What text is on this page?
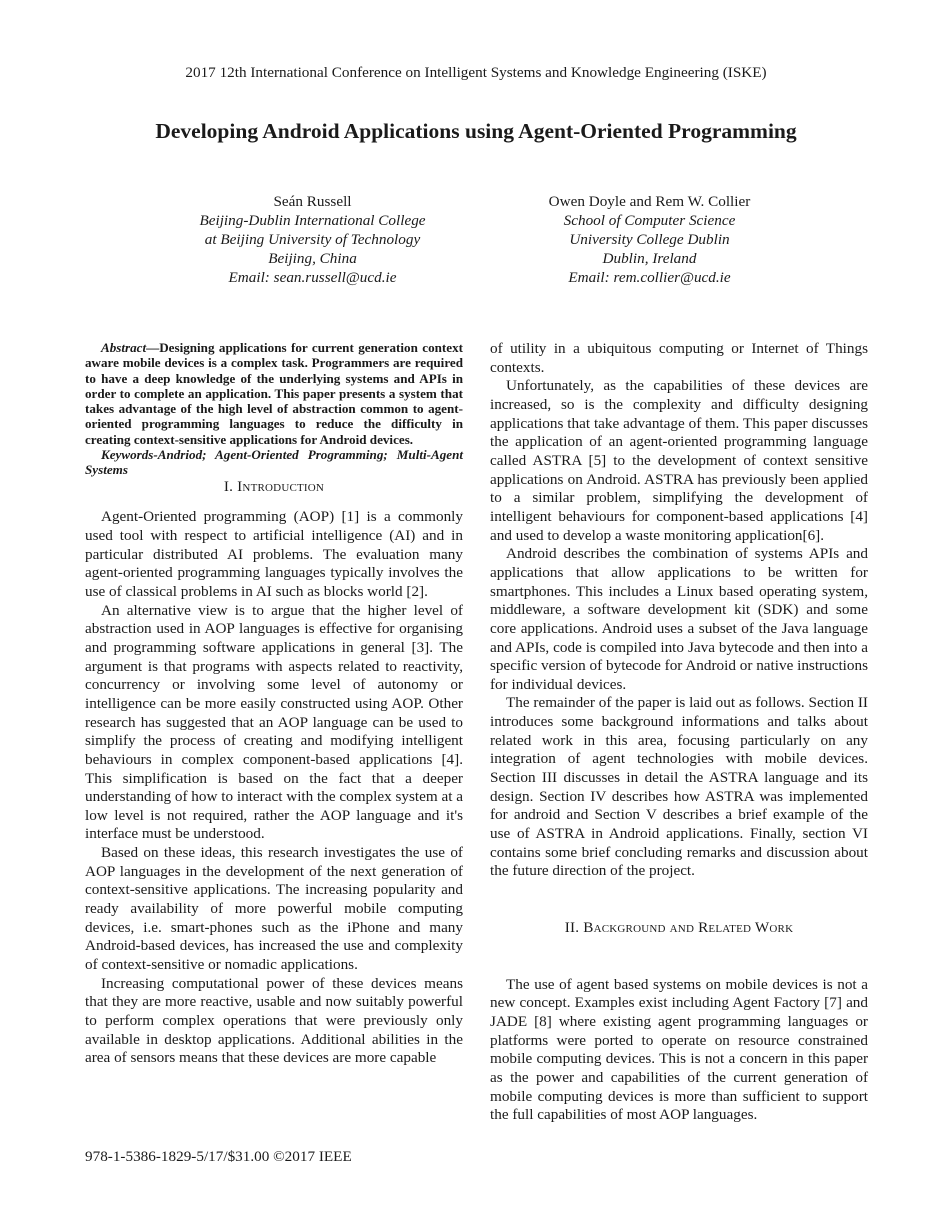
2017 12th International Conference on Intelligent Systems and Knowledge Engineering (ISKE)
Developing Android Applications using Agent-Oriented Programming
Seán Russell
Beijing-Dublin International College
at Beijing University of Technology
Beijing, China
Email: sean.russell@ucd.ie
Owen Doyle and Rem W. Collier
School of Computer Science
University College Dublin
Dublin, Ireland
Email: rem.collier@ucd.ie

Abstract—Designing applications for current generation context aware mobile devices is a complex task. Programmers are required to have a deep knowledge of the underlying systems and APIs in order to complete an application. This paper presents a system that takes advantage of the high level of abstraction common to agent-oriented programming languages to reduce the difficulty in creating context-sensitive applications for Android devices.

Keywords-Andriod; Agent-Oriented Programming; Multi-Agent Systems

I. Introduction

Agent-Oriented programming (AOP) [1] is a commonly used tool with respect to artificial intelligence (AI) and in particular distributed AI problems. The evaluation many agent-oriented programming languages typically involves the use of classical problems in AI such as blocks world [2].

An alternative view is to argue that the higher level of abstraction used in AOP languages is effective for organising and programming software applications in general [3]. The argument is that programs with aspects related to reactivity, concurrency or involving some level of autonomy or intelligence can be more easily constructed using AOP. Other research has suggested that an AOP language can be used to simplify the process of creating and modifying intelligent behaviours in complex component-based applications [4]. This simplification is based on the fact that a deeper understanding of how to interact with the complex system at a low level is not required, rather the AOP language and it's interface must be understood.

Based on these ideas, this research investigates the use of AOP languages in the development of the next generation of context-sensitive applications. The increasing popularity and ready availability of more powerful mobile computing devices, i.e. smart-phones such as the iPhone and many Android-based devices, has increased the use and complexity of context-sensitive or nomadic applications.

Increasing computational power of these devices means that they are more reactive, usable and now suitably powerful to perform complex operations that were previously only available in desktop applications. Additional abilities in the area of sensors means that these devices are more capable

of utility in a ubiquitous computing or Internet of Things contexts.

Unfortunately, as the capabilities of these devices are increased, so is the complexity and difficulty designing applications that take advantage of them. This paper discusses the application of an agent-oriented programming language called ASTRA [5] to the development of context sensitive applications on Android. ASTRA has previously been applied to a similar problem, simplifying the development of intelligent behaviours for component-based applications [4] and used to develop a waste monitoring application[6].

Android describes the combination of systems APIs and applications that allow applications to be written for smartphones. This includes a Linux based operating system, middleware, a software development kit (SDK) and some core applications. Android uses a subset of the Java language and APIs, code is compiled into Java bytecode and then into a specific version of bytecode for Android or native instructions for individual devices.

The remainder of the paper is laid out as follows. Section II introduces some background informations and talks about related work in this area, focusing particularly on any integration of agent technologies with mobile devices. Section III discusses in detail the ASTRA language and its design. Section IV describes how ASTRA was implemented for android and Section V describes a brief example of the use of ASTRA in Android applications. Finally, section VI contains some brief concluding remarks and discussion about the future direction of the project.

II. Background and Related Work

The use of agent based systems on mobile devices is not a new concept. Examples exist including Agent Factory [7] and JADE [8] where existing agent programming languages or platforms were ported to operate on resource constrained mobile computing devices. This is not a concern in this paper as the power and capabilities of the current generation of mobile computing devices is more than sufficient to support the full capabilities of most AOP languages.

978-1-5386-1829-5/17/$31.00 ©2017 IEEE
